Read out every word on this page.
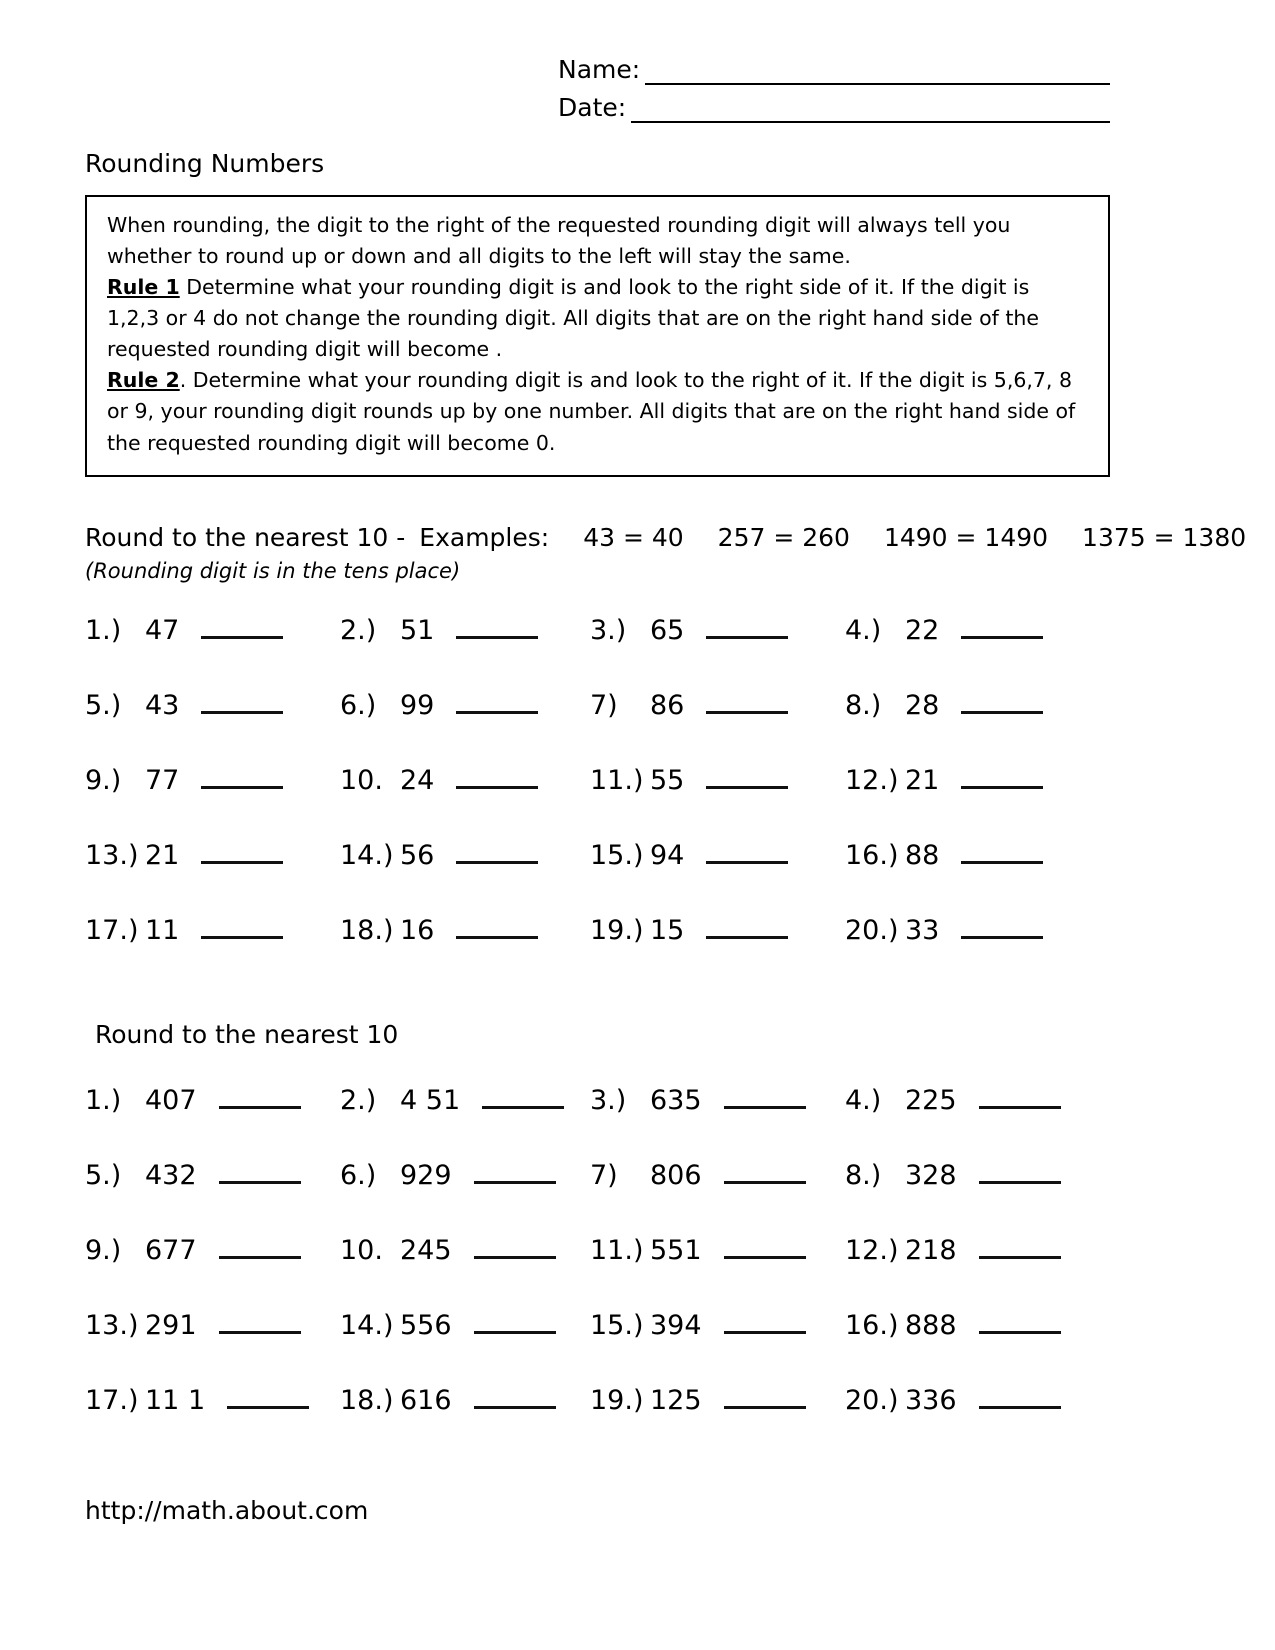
Name:
Date:
Rounding Numbers
When rounding, the digit to the right of the requested rounding digit will always tell you whether to round up or down and all digits to the left will stay the same.
Rule 1 Determine what your rounding digit is and look to the right side of it. If the digit is 1,2,3 or 4 do not change the rounding digit. All digits that are on the right hand side of the requested rounding digit will become .
Rule 2. Determine what your rounding digit is and look to the right of it. If the digit is 5,6,7, 8 or 9, your rounding digit rounds up by one number. All digits that are on the right hand side of the requested rounding digit will become 0.
Round to the nearest 10 - Examples: 43 = 40 257 = 260 1490 = 1490 1375 = 1380
(Rounding digit is in the tens place)
1.) 47	2.) 51	3.) 65	4.) 22
5.) 43	6.) 99	7)	86	8.) 28
9.) 77	10. 24	11.) 55	12.) 21
13.) 21	14.) 56	15.) 94	16.) 88
17.) 11	18.) 16	19.) 15	20.) 33
Round to the nearest 10
1.) 407	2.) 4 51	3.) 635	4.) 225
5.) 432	6.) 929	7)	806	8.) 328
9.) 677	10. 245	11.) 551	12.) 218
13.) 291	14.) 556	15.) 394	16.) 888
17.) 11 1	18.) 616	19.) 125	20.) 336
http://math.about.com
